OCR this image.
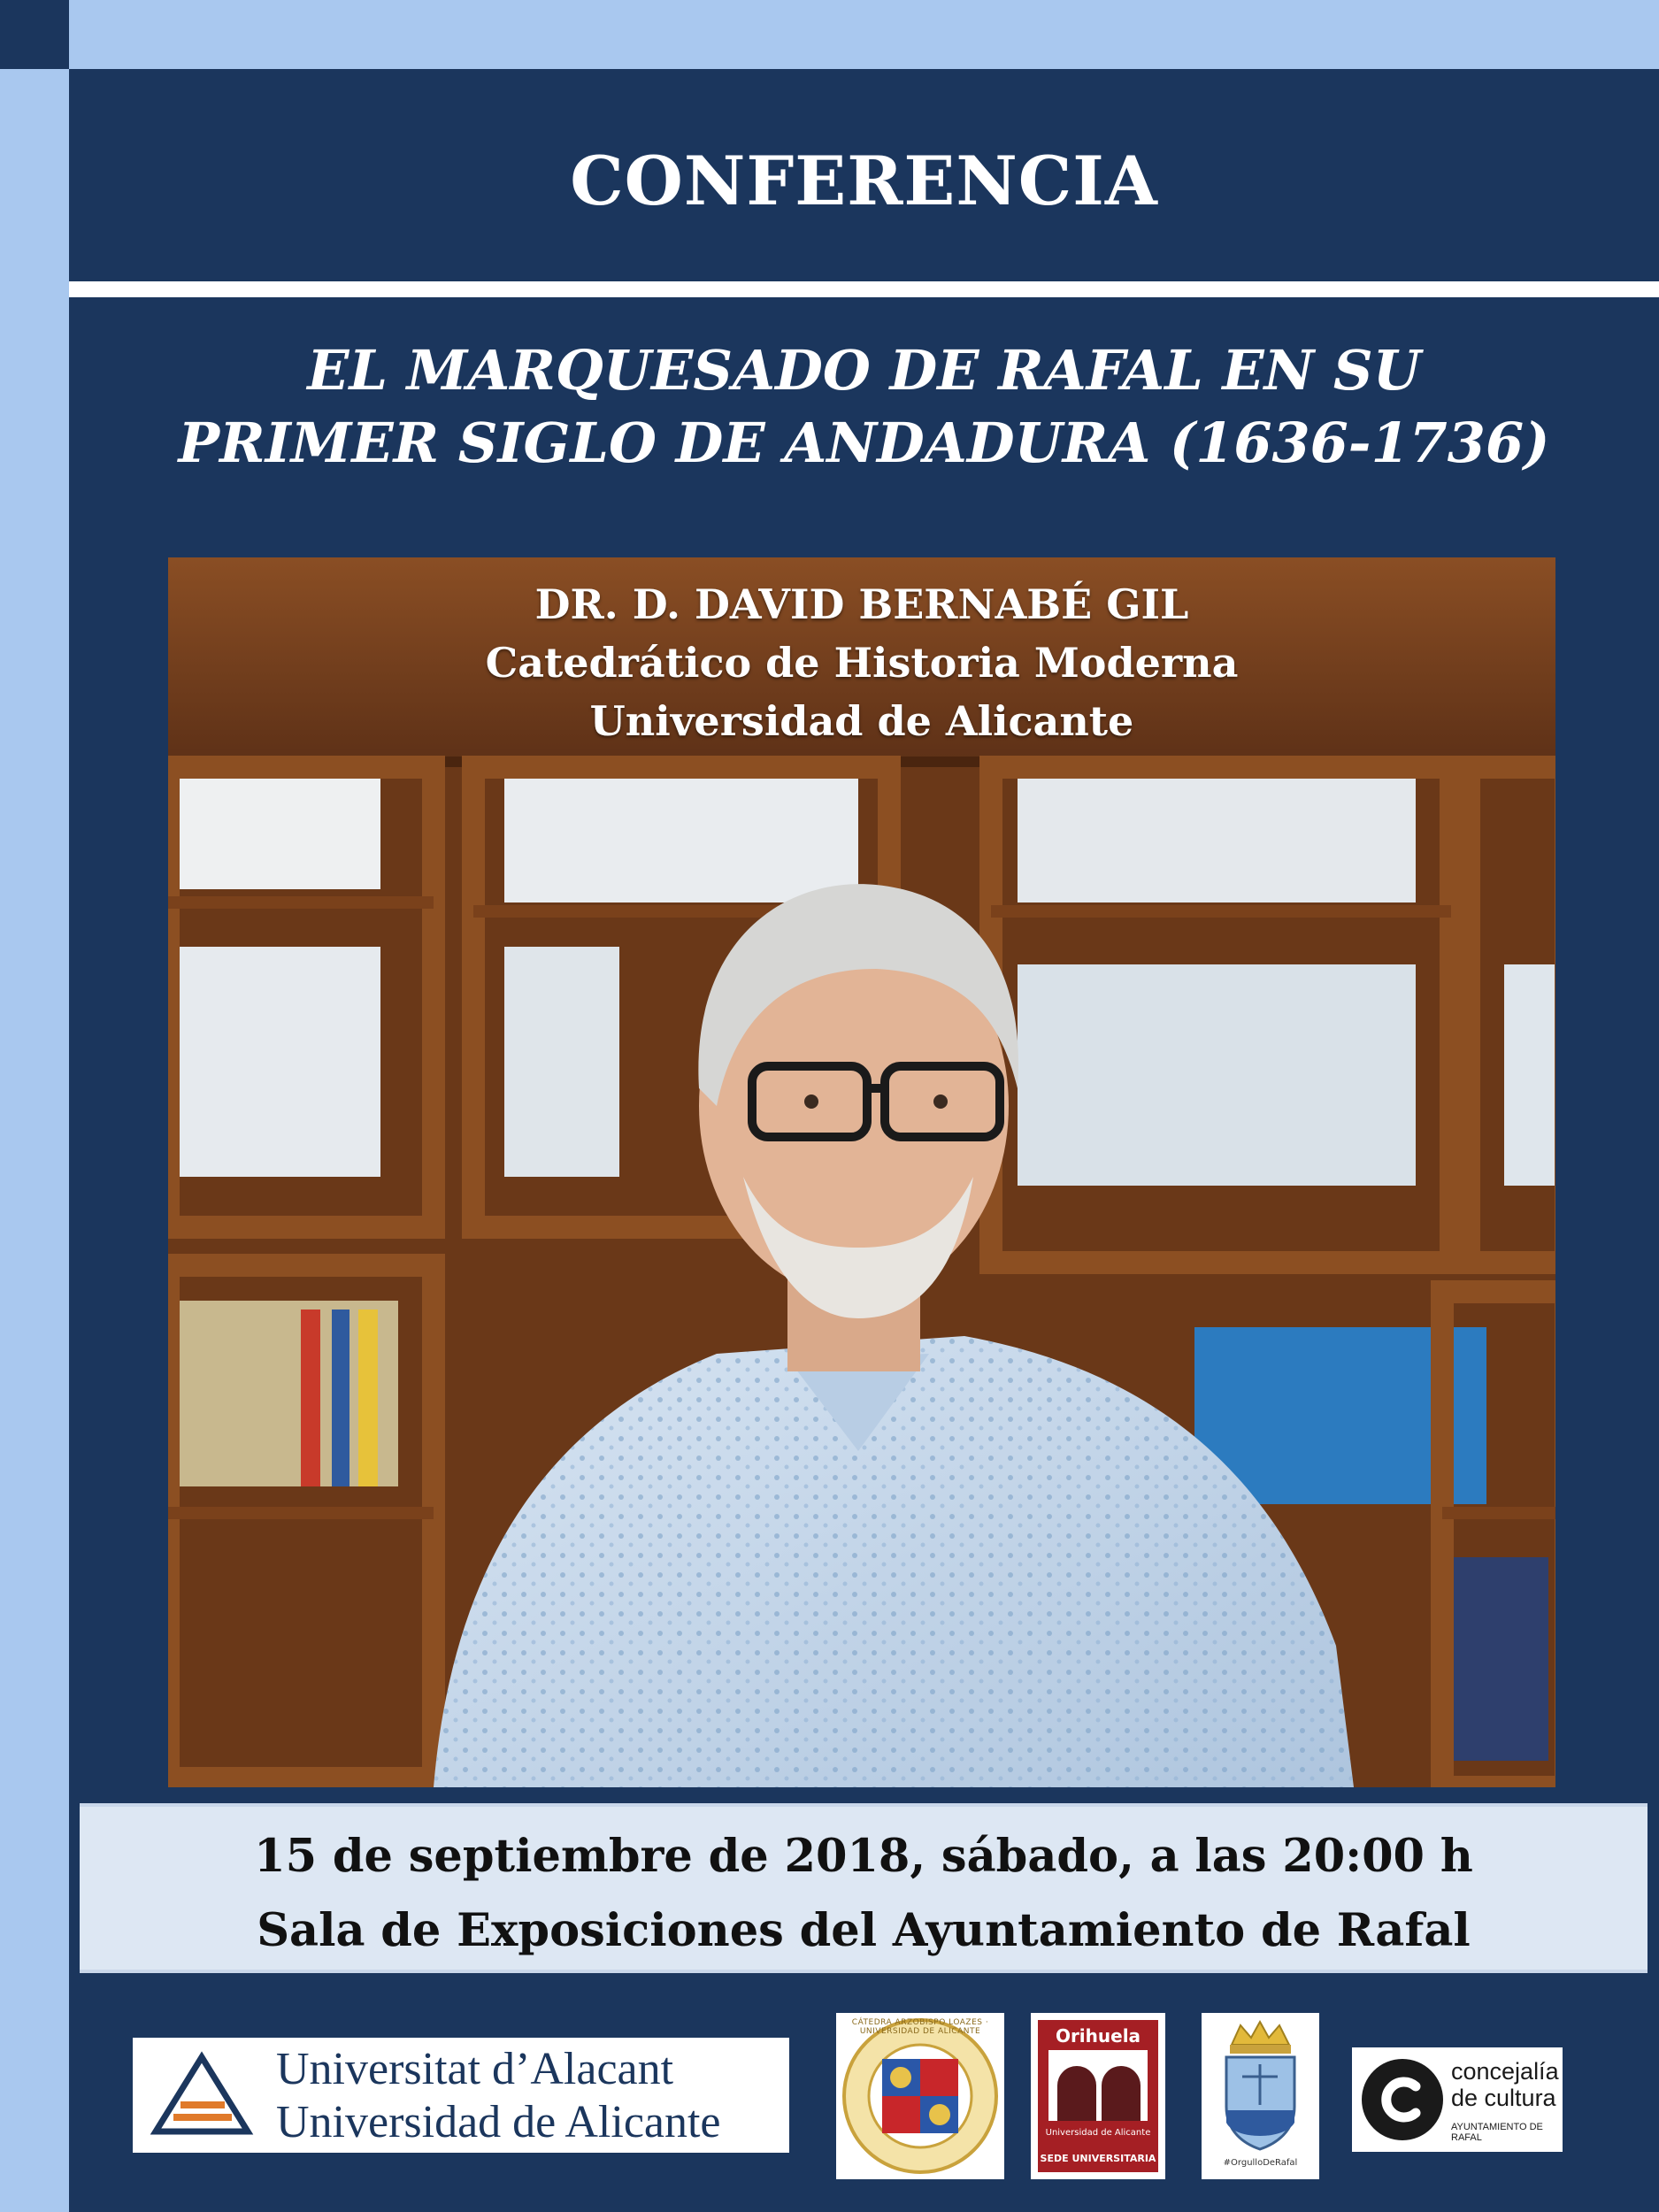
CONFERENCIA
EL MARQUESADO DE RAFAL EN SU
PRIMER SIGLO DE ANDADURA (1636-1736)
DR. D. DAVID BERNABÉ GIL
Catedrático de Historia Moderna
Universidad de Alicante
15 de septiembre de 2018, sábado, a las 20:00 h
Sala de Exposiciones del Ayuntamiento de Rafal
Universitat d’Alacant
Universidad de Alicante
CÁTEDRA ARZOBISPO LOAZES · UNIVERSIDAD DE ALICANTE	Orihuela
Universidad de Alicante
SEDE UNIVERSITARIA	#OrgulloDeRafal
concejalía
de cultura
AYUNTAMIENTO DE RAFAL
